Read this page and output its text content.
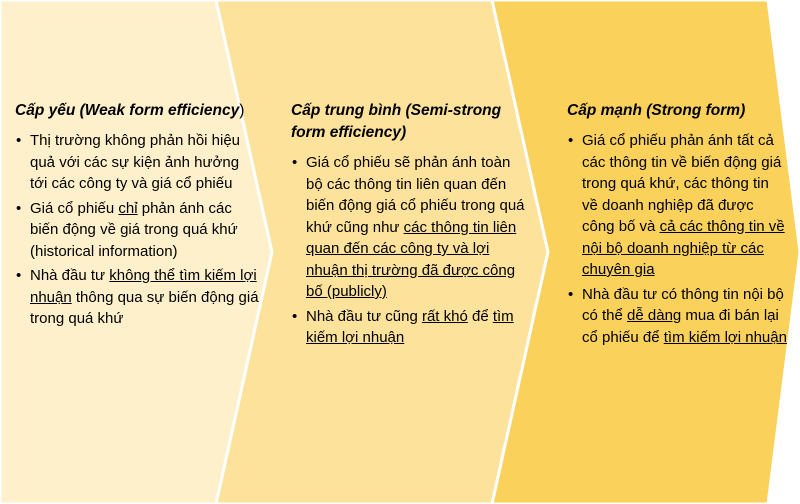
Cấp yếu (Weak form efficiency)
• Thị trường không phản hồi hiệu quả với các sự kiện ảnh hưởng tới các công ty và giá cổ phiếu
• Giá cổ phiếu chỉ phản ánh các biến động về giá trong quá khứ (historical information)
• Nhà đầu tư không thể tìm kiếm lợi nhuận thông qua sự biến động giá trong quá khứ
Cấp trung bình (Semi-strong form efficiency)
• Giá cổ phiếu sẽ phản ánh toàn bộ các thông tin liên quan đến biến động giá cổ phiếu trong quá khứ cũng như các thông tin liên quan đến các công ty và lợi nhuận thị trường đã được công bố (publicly)
• Nhà đầu tư cũng rất khó để tìm kiếm lợi nhuận
Cấp mạnh (Strong form)
• Giá cổ phiếu phản ánh tất cả các thông tin về biến động giá trong quá khứ, các thông tin về doanh nghiệp đã được công bố và cả các thông tin về nội bộ doanh nghiệp từ các chuyên gia
• Nhà đầu tư có thông tin nội bộ có thể dễ dàng mua đi bán lại cổ phiếu để tìm kiếm lợi nhuận
